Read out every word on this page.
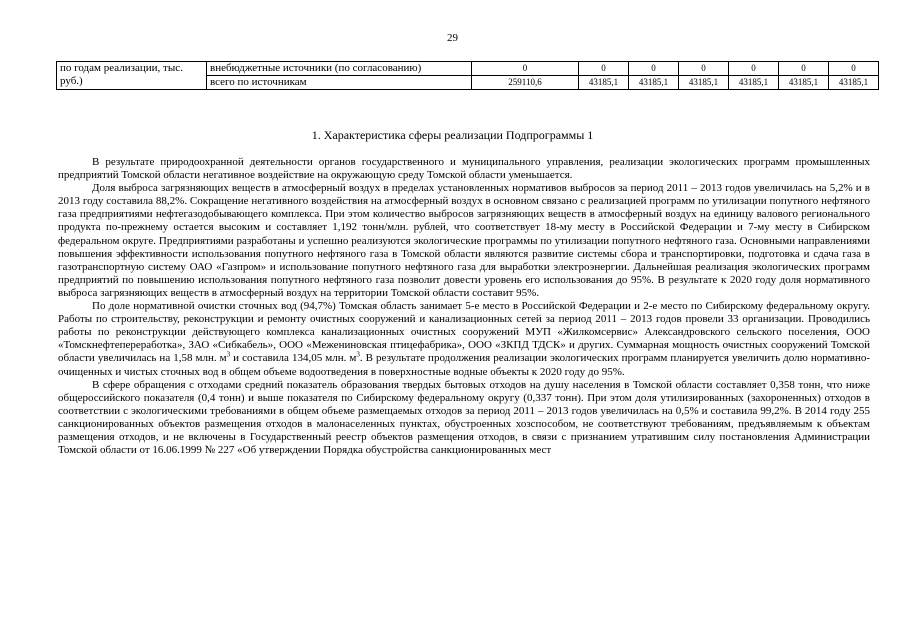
29
по годам реализации, тыс. руб.)	внебюджетные источники (по согласованию)	0	0	0	0	0	0	0
	всего по источникам	259110,6	43185,1	43185,1	43185,1	43185,1	43185,1	43185,1
1. Характеристика сферы реализации Подпрограммы 1

В результате природоохранной деятельности органов государственного и муниципального управления, реализации экологических программ промышленных предприятий Томской области негативное воздействие на окружающую среду Томской области уменьшается.

Доля выброса загрязняющих веществ в атмосферный воздух в пределах установленных нормативов выбросов за период 2011 – 2013 годов увеличилась на 5,2% и в 2013 году составила 88,2%. Сокращение негативного воздействия на атмосферный воздух в основном связано с реализацией программ по утилизации попутного нефтяного газа предприятиями нефтегазодобывающего комплекса. При этом количество выбросов загрязняющих веществ в атмосферный воздух на единицу валового регионального продукта по-прежнему остается высоким и составляет 1,192 тонн/млн. рублей, что соответствует 18-му месту в Российской Федерации и 7-му месту в Сибирском федеральном округе. Предприятиями разработаны и успешно реализуются экологические программы по утилизации попутного нефтяного газа. Основными направлениями повышения эффективности использования попутного нефтяного газа в Томской области являются развитие системы сбора и транспортировки, подготовка и сдача газа в газотранспортную систему ОАО «Газпром» и использование попутного нефтяного газа для выработки электроэнергии. Дальнейшая реализация экологических программ предприятий по повышению использования попутного нефтяного газа позволит довести уровень его использования до 95%. В результате к 2020 году доля нормативного выброса загрязняющих веществ в атмосферный воздух на территории Томской области составит 95%.

По доле нормативной очистки сточных вод (94,7%) Томская область занимает 5-е место в Российской Федерации и 2-е место по Сибирскому федеральному округу. Работы по строительству, реконструкции и ремонту очистных сооружений и канализационных сетей за период 2011 – 2013 годов провели 33 организации. Проводились работы по реконструкции действующего комплекса канализационных очистных сооружений МУП «Жилкомсервис» Александровского сельского поселения, ООО «Томскнефтепереработка», ЗАО «Сибкабель», ООО «Межениновская птицефабрика», ООО «ЗКПД ТДСК» и других. Суммарная мощность очистных сооружений Томской области увеличилась на 1,58 млн. $м^3$ и составила 134,05 млн. $м^3$. В результате продолжения реализации экологических программ планируется увеличить долю нормативно-очищенных и чистых сточных вод в общем объеме водоотведения в поверхностные водные объекты к 2020 году до 95%.

В сфере обращения с отходами средний показатель образования твердых бытовых отходов на душу населения в Томской области составляет 0,358 тонн, что ниже общероссийского показателя (0,4 тонн) и выше показателя по Сибирскому федеральному округу (0,337 тонн). При этом доля утилизированных (захороненных) отходов в соответствии с экологическими требованиями в общем объеме размещаемых отходов за период 2011 – 2013 годов увеличилась на 0,5% и составила 99,2%. В 2014 году 255 санкционированных объектов размещения отходов в малонаселенных пунктах, обустроенных хозспособом, не соответствуют требованиям, предъявляемым к объектам размещения отходов, и не включены в Государственный реестр объектов размещения отходов, в связи с признанием утратившим силу постановления Администрации Томской области от 16.06.1999 № 227 «Об утверждении Порядка обустройства санкционированных мест
